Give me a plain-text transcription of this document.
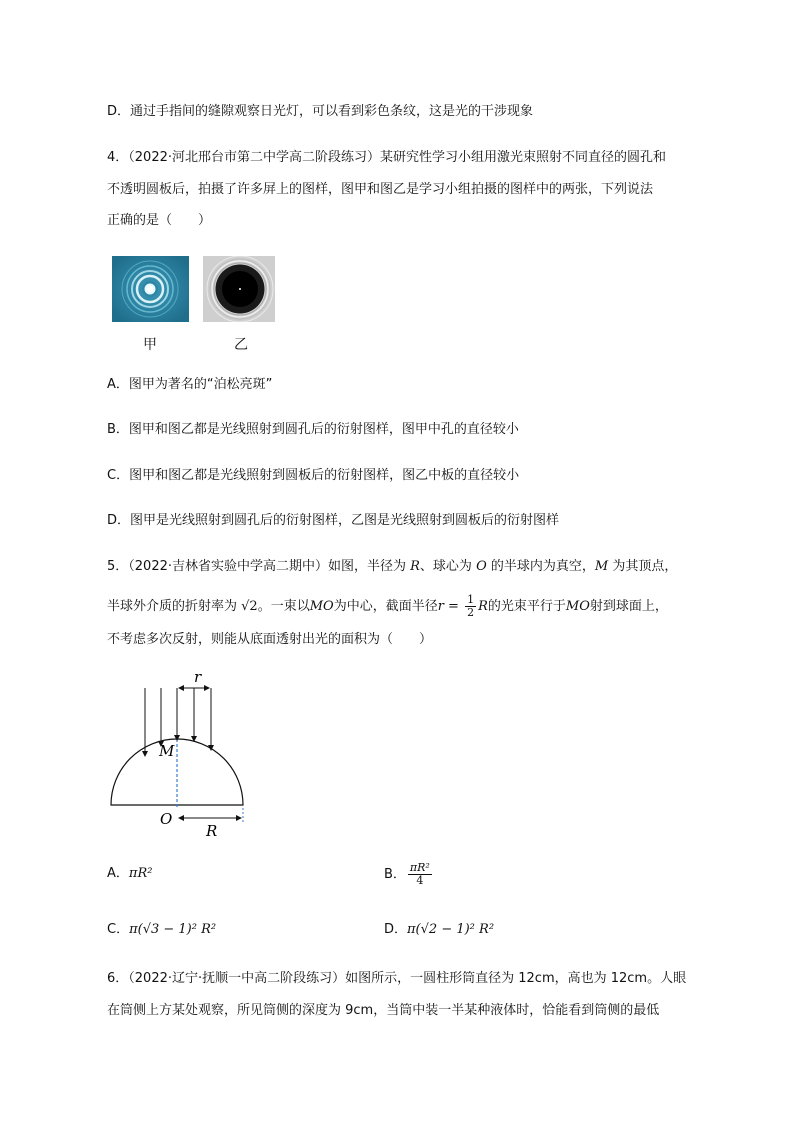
D．通过手指间的缝隙观察日光灯，可以看到彩色条纹，这是光的干涉现象
4．（2022·河北邢台市第二中学高二阶段练习）某研究性学习小组用激光束照射不同直径的圆孔和
不透明圆板后，拍摄了许多屏上的图样，图甲和图乙是学习小组拍摄的图样中的两张，下列说法
正确的是（　　）
甲	乙
A．图甲为著名的“泊松亮斑”
B．图甲和图乙都是光线照射到圆孔后的衍射图样，图甲中孔的直径较小
C．图甲和图乙都是光线照射到圆板后的衍射图样，图乙中板的直径较小
D．图甲是光线照射到圆孔后的衍射图样，乙图是光线照射到圆板后的衍射图样
5．（2022·吉林省实验中学高二期中）如图，半径为 R、球心为 O 的半球内为真空，M 为其顶点，
半球外介质的折射率为 √2。一束以MO为中心，截面半径$r = \frac{1}{2}$ R的光束平行于MO射到球面上，
不考虑多次反射，则能从底面透射出光的面积为（　　）
r
M
O
R
A．πR²	B． $\frac{\text{πR²}}{4}$
C．π(√3 − 1)² R²	D．π(√2 − 1)² R²
6．（2022·辽宁·抚顺一中高二阶段练习）如图所示，一圆柱形筒直径为 12cm，高也为 12cm。人眼
在筒侧上方某处观察，所见筒侧的深度为 9cm，当筒中装一半某种液体时，恰能看到筒侧的最低
